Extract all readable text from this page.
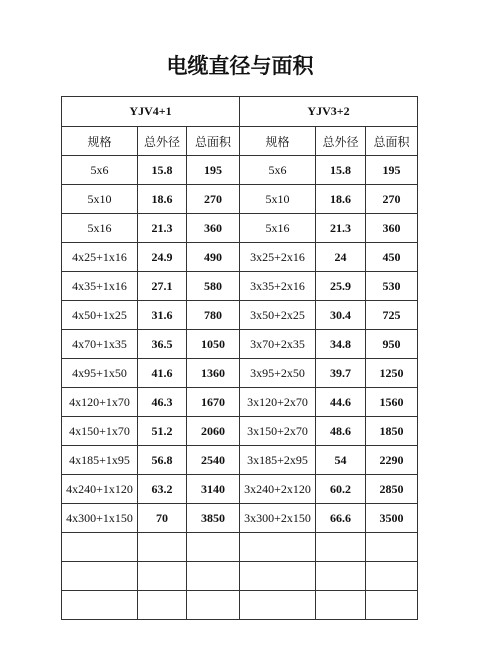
电缆直径与面积
YJV4+1			YJV3+2		
规格	总外径	总面积	规格	总外径	总面积
5x6	15.8	195	5x6	15.8	195
5x10	18.6	270	5x10	18.6	270
5x16	21.3	360	5x16	21.3	360
4x25+1x16	24.9	490	3x25+2x16	24	450
4x35+1x16	27.1	580	3x35+2x16	25.9	530
4x50+1x25	31.6	780	3x50+2x25	30.4	725
4x70+1x35	36.5	1050	3x70+2x35	34.8	950
4x95+1x50	41.6	1360	3x95+2x50	39.7	1250
4x120+1x70	46.3	1670	3x120+2x70	44.6	1560
4x150+1x70	51.2	2060	3x150+2x70	48.6	1850
4x185+1x95	56.8	2540	3x185+2x95	54	2290
4x240+1x120	63.2	3140	3x240+2x120	60.2	2850
4x300+1x150	70	3850	3x300+2x150	66.6	3500
